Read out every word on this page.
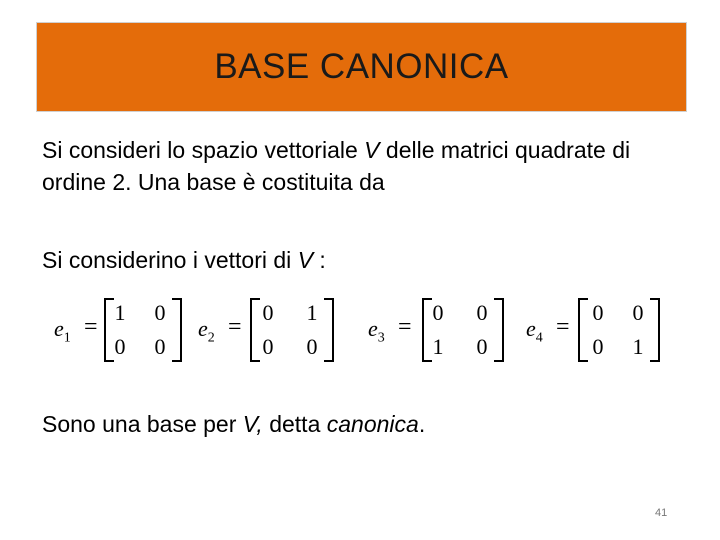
BASE CANONICA
Si consideri lo spazio vettoriale V delle matrici quadrate di ordine 2. Una base è costituita da
Si considerino i vettori di V :
$e_1$ =
1 0
0 0
$e_2$ =
0 1
0 0
$e_3$ =
0 0
1 0
$e_4$ =
0 0
0 1
Sono una base per V, detta canonica.
41
